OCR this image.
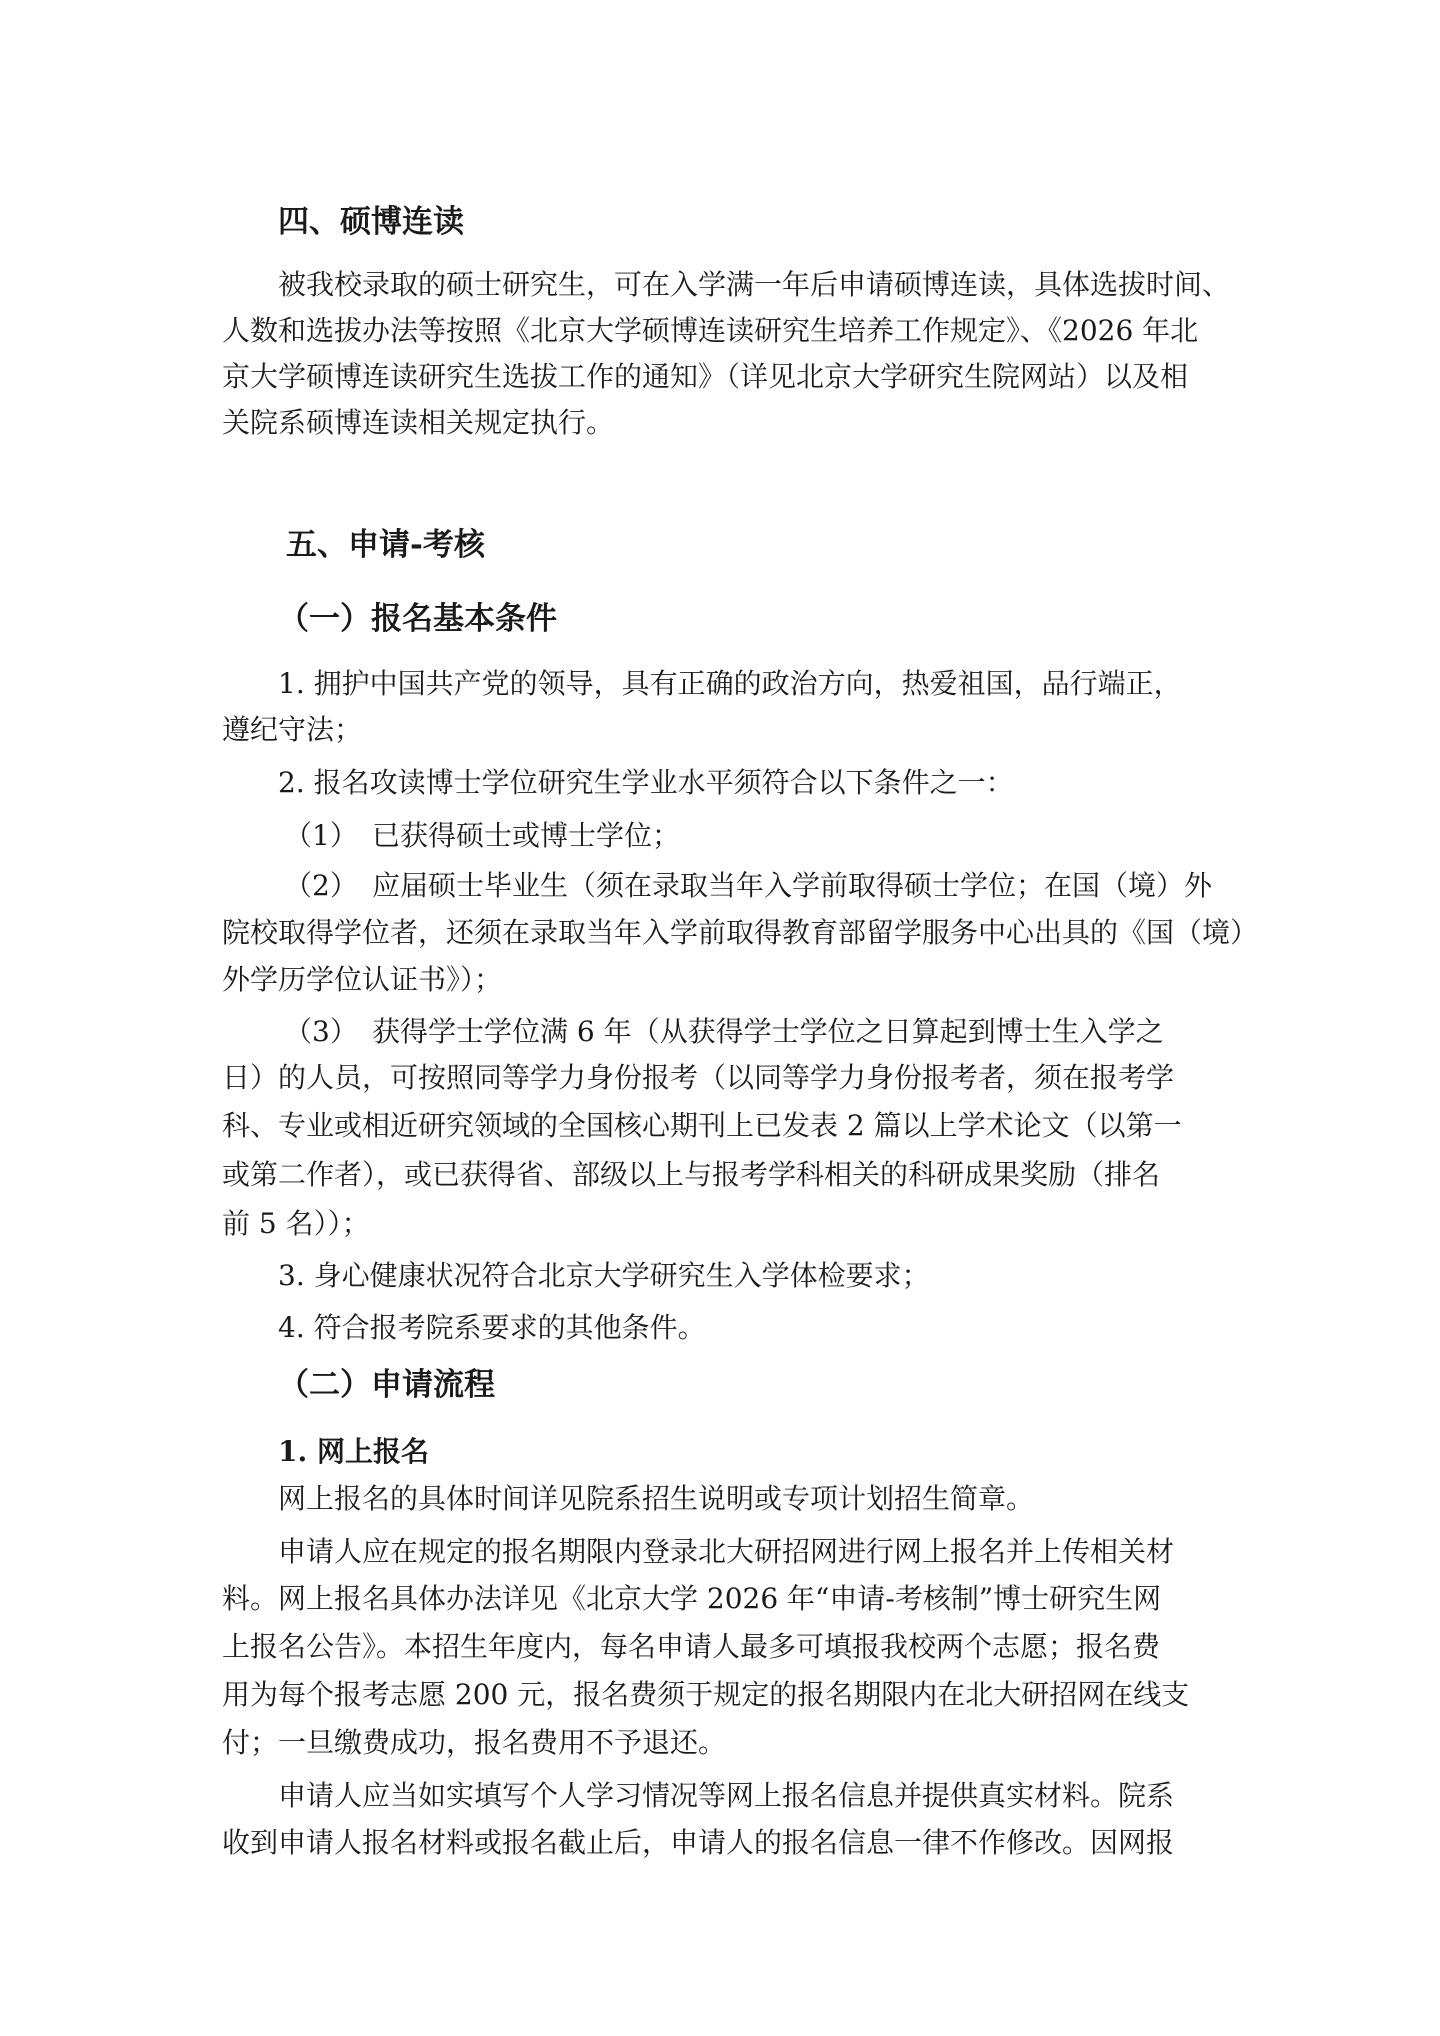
四、硕博连读
被我校录取的硕士研究生，可在入学满一年后申请硕博连读，具体选拔时间、
人数和选拔办法等按照《北京大学硕博连读研究生培养工作规定》、《2026 年北
京大学硕博连读研究生选拔工作的通知》（详见北京大学研究生院网站）以及相
关院系硕博连读相关规定执行。
五、申请-考核
（一）报名基本条件
1. 拥护中国共产党的领导，具有正确的政治方向，热爱祖国，品行端正，
遵纪守法；
2. 报名攻读博士学位研究生学业水平须符合以下条件之一：
（1） 已获得硕士或博士学位；
（2） 应届硕士毕业生（须在录取当年入学前取得硕士学位；在国（境）外
院校取得学位者，还须在录取当年入学前取得教育部留学服务中心出具的《国（境）
外学历学位认证书》）；
（3） 获得学士学位满 6 年（从获得学士学位之日算起到博士生入学之
日）的人员，可按照同等学力身份报考（以同等学力身份报考者，须在报考学
科、专业或相近研究领域的全国核心期刊上已发表 2 篇以上学术论文（以第一
或第二作者），或已获得省、部级以上与报考学科相关的科研成果奖励（排名
前 5 名））；
3. 身心健康状况符合北京大学研究生入学体检要求；
4. 符合报考院系要求的其他条件。
（二）申请流程
1. 网上报名
网上报名的具体时间详见院系招生说明或专项计划招生简章。
申请人应在规定的报名期限内登录北大研招网进行网上报名并上传相关材
料。网上报名具体办法详见《北京大学 2026 年“申请-考核制”博士研究生网
上报名公告》。本招生年度内，每名申请人最多可填报我校两个志愿；报名费
用为每个报考志愿 200 元，报名费须于规定的报名期限内在北大研招网在线支
付；一旦缴费成功，报名费用不予退还。
申请人应当如实填写个人学习情况等网上报名信息并提供真实材料。院系
收到申请人报名材料或报名截止后，申请人的报名信息一律不作修改。因网报
